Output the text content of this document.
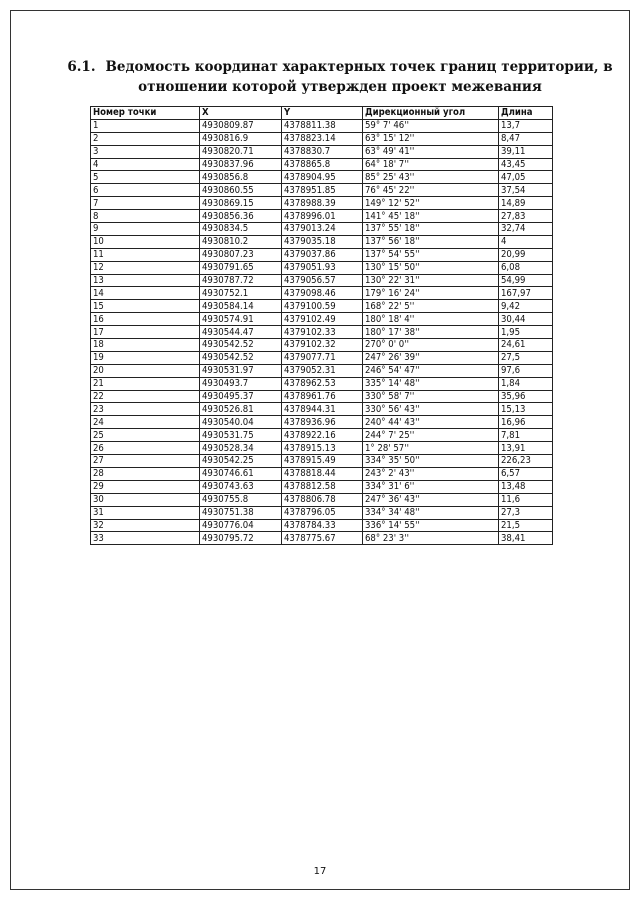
6.1. Ведомость координат характерных точек границ территории, в отношении которой утвержден проект межевания
Номер точки	X	Y	Дирекционный угол	Длина
1	4930809.87	4378811.38	59° 7' 46''	13,7
2	4930816.9	4378823.14	63° 15' 12''	8,47
3	4930820.71	4378830.7	63° 49' 41''	39,11
4	4930837.96	4378865.8	64° 18' 7''	43,45
5	4930856.8	4378904.95	85° 25' 43''	47,05
6	4930860.55	4378951.85	76° 45' 22''	37,54
7	4930869.15	4378988.39	149° 12' 52''	14,89
8	4930856.36	4378996.01	141° 45' 18''	27,83
9	4930834.5	4379013.24	137° 55' 18''	32,74
10	4930810.2	4379035.18	137° 56' 18''	4
11	4930807.23	4379037.86	137° 54' 55''	20,99
12	4930791.65	4379051.93	130° 15' 50''	6,08
13	4930787.72	4379056.57	130° 22' 31''	54,99
14	4930752.1	4379098.46	179° 16' 24''	167,97
15	4930584.14	4379100.59	168° 22' 5''	9,42
16	4930574.91	4379102.49	180° 18' 4''	30,44
17	4930544.47	4379102.33	180° 17' 38''	1,95
18	4930542.52	4379102.32	270° 0' 0''	24,61
19	4930542.52	4379077.71	247° 26' 39''	27,5
20	4930531.97	4379052.31	246° 54' 47''	97,6
21	4930493.7	4378962.53	335° 14' 48''	1,84
22	4930495.37	4378961.76	330° 58' 7''	35,96
23	4930526.81	4378944.31	330° 56' 43''	15,13
24	4930540.04	4378936.96	240° 44' 43''	16,96
25	4930531.75	4378922.16	244° 7' 25''	7,81
26	4930528.34	4378915.13	1° 28' 57''	13,91
27	4930542.25	4378915.49	334° 35' 50''	226,23
28	4930746.61	4378818.44	243° 2' 43''	6,57
29	4930743.63	4378812.58	334° 31' 6''	13,48
30	4930755.8	4378806.78	247° 36' 43''	11,6
31	4930751.38	4378796.05	334° 34' 48''	27,3
32	4930776.04	4378784.33	336° 14' 55''	21,5
33	4930795.72	4378775.67	68° 23' 3''	38,41
17
